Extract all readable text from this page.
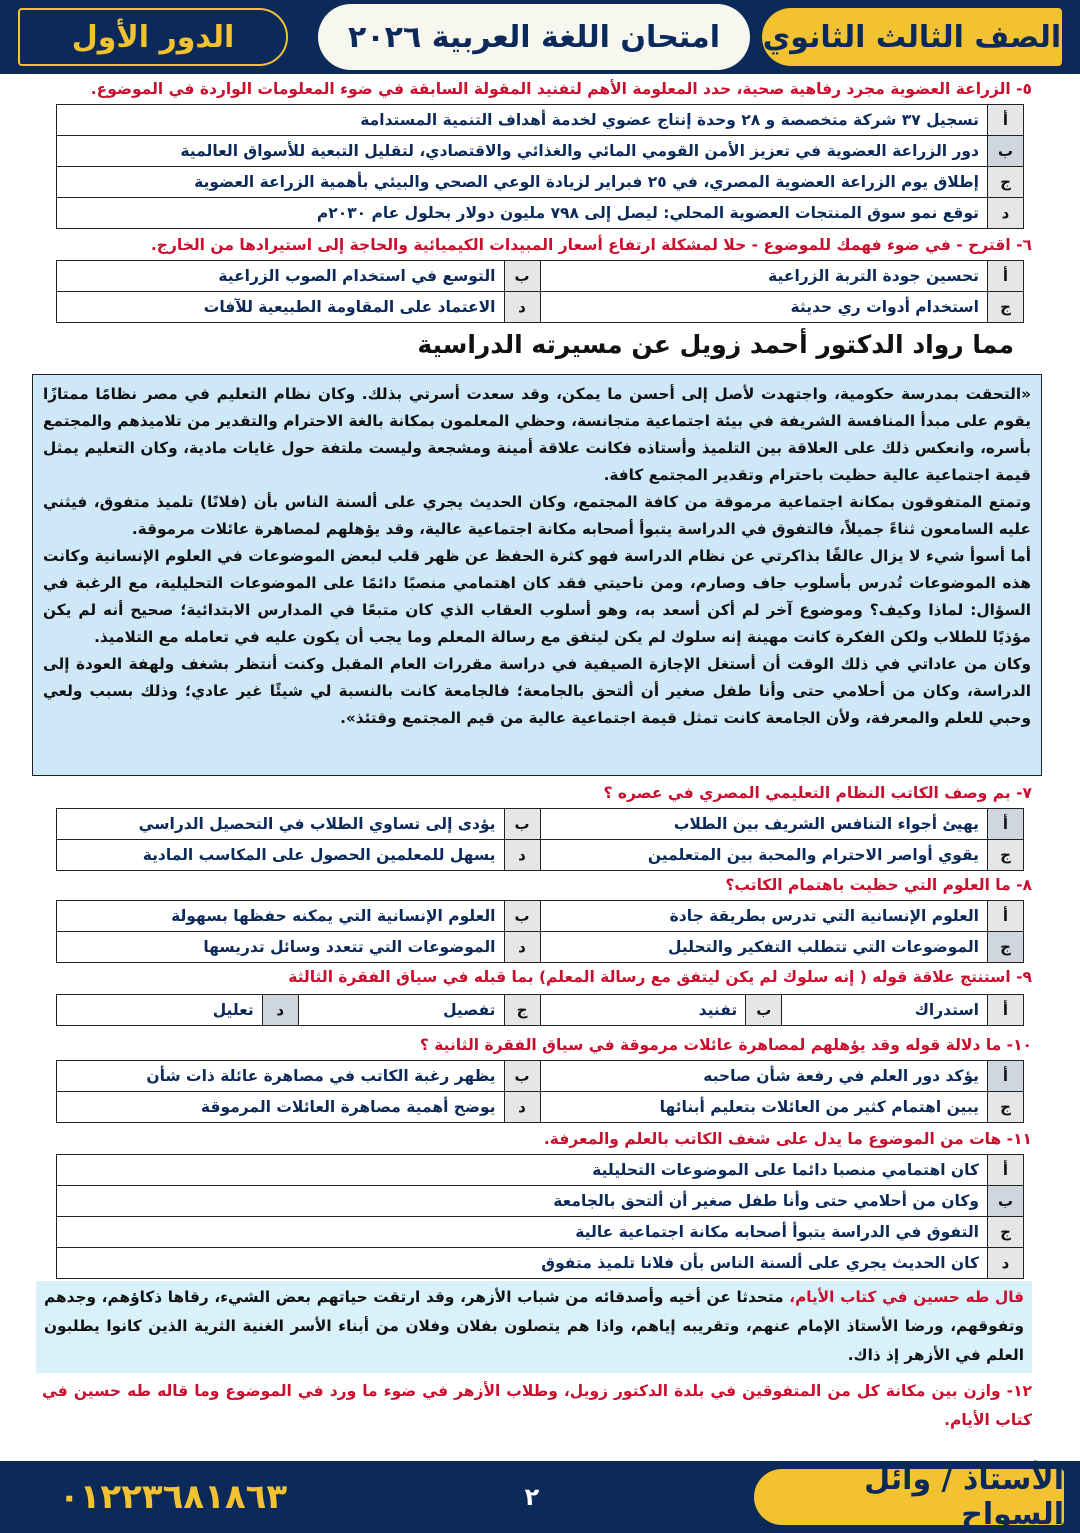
الصف الثالث الثانوي
امتحان اللغة العربية ٢٠٢٦
الدور الأول
٥- الزراعة العضوية مجرد رفاهية صحية، حدد المعلومة الأهم لتفنيد المقولة السابقة في ضوء المعلومات الواردة في الموضوع.
أ	تسجيل ٣٧ شركة متخصصة و ٢٨ وحدة إنتاج عضوي لخدمة أهداف التنمية المستدامة
ب	دور الزراعة العضوية في تعزيز الأمن القومي المائي والغذائي والاقتصادي، لتقليل التبعية للأسواق العالمية
ج	إطلاق يوم الزراعة العضوية المصري، في ٢٥ فبراير لزيادة الوعي الصحي والبيئي بأهمية الزراعة العضوية
د	توقع نمو سوق المنتجات العضوية المحلي: ليصل إلى ٧٩٨ مليون دولار بحلول عام ٢٠٣٠م
٦- اقترح - في ضوء فهمك للموضوع - حلا لمشكلة ارتفاع أسعار المبيدات الكيميائية والحاجة إلى استيرادها من الخارج.
أ	تحسين جودة التربة الزراعية	ب	التوسع في استخدام الصوب الزراعية
ج	استخدام أدوات ري حديثة	د	الاعتماد على المقاومة الطبيعية للآفات
مما رواد الدكتور أحمد زويل عن مسيرته الدراسية

«التحقت بمدرسة حكومية، واجتهدت لأصل إلى أحسن ما يمكن، وقد سعدت أسرتي بذلك. وكان نظام التعليم في مصر نظامًا ممتازًا يقوم على مبدأ المنافسة الشريفة في بيئة اجتماعية متجانسة، وحظي المعلمون بمكانة بالغة الاحترام والتقدير من تلاميذهم والمجتمع بأسره، وانعكس ذلك على العلاقة بين التلميذ وأستاذه فكانت علاقة أمينة ومشجعة وليست ملتفة حول غايات مادية، وكان التعليم يمثل قيمة اجتماعية عالية حظيت باحترام وتقدير المجتمع كافة.

وتمتع المتفوقون بمكانة اجتماعية مرموقة من كافة المجتمع، وكان الحديث يجري على ألسنة الناس بأن (فلانًا) تلميذ متفوق، فيثني عليه السامعون ثناءً جميلاً، فالتفوق في الدراسة يتبوأ أصحابه مكانة اجتماعية عالية، وقد يؤهلهم لمصاهرة عائلات مرموقة.

أما أسوأ شيء لا يزال عالقًا بذاكرتي عن نظام الدراسة فهو كثرة الحفظ عن ظهر قلب لبعض الموضوعات في العلوم الإنسانية وكانت هذه الموضوعات تُدرس بأسلوب جاف وصارم، ومن ناحيتي فقد كان اهتمامي منصبًا دائمًا على الموضوعات التحليلية، مع الرغبة في السؤال: لماذا وكيف؟ وموضوع آخر لم أكن أسعد به، وهو أسلوب العقاب الذي كان متبعًا في المدارس الابتدائية؛ صحيح أنه لم يكن مؤذيًا للطلاب ولكن الفكرة كانت مهينة إنه سلوك لم يكن ليتفق مع رسالة المعلم وما يجب أن يكون عليه في تعامله مع التلاميذ.

وكان من عاداتي في ذلك الوقت أن أستغل الإجازة الصيفية في دراسة مقررات العام المقبل وكنت أنتظر بشغف ولهفة العودة إلى الدراسة، وكان من أحلامي حتى وأنا طفل صغير أن ألتحق بالجامعة؛ فالجامعة كانت بالنسبة لي شيئًا غير عادي؛ وذلك بسبب ولعي وحبي للعلم والمعرفة، ولأن الجامعة كانت تمثل قيمة اجتماعية عالية من قيم المجتمع وقتئذ».

٧- بم وصف الكاتب النظام التعليمي المصري في عصره ؟
أ	يهيئ أجواء التنافس الشريف بين الطلاب	ب	يؤدى إلى تساوي الطلاب في التحصيل الدراسي
ج	يقوي أواصر الاحترام والمحبة بين المتعلمين	د	يسهل للمعلمين الحصول على المكاسب المادية
٨- ما العلوم التي حظيت باهتمام الكاتب؟
أ	العلوم الإنسانية التي تدرس بطريقة جادة	ب	العلوم الإنسانية التي يمكنه حفظها بسهولة
ج	الموضوعات التي تتطلب التفكير والتحليل	د	الموضوعات التي تتعدد وسائل تدريسها
٩- استنتج علاقة قوله ( إنه سلوك لم يكن ليتفق مع رسالة المعلم) بما قبله في سياق الفقرة الثالثة
أ	استدراك	ب	تفنيد	ج	تفصيل	د	تعليل
١٠- ما دلالة قوله وقد يؤهلهم لمصاهرة عائلات مرموقة في سياق الفقرة الثانية ؟
أ	يؤكد دور العلم في رفعة شأن صاحبه	ب	يظهر رغبة الكاتب في مصاهرة عائلة ذات شأن
ج	يبين اهتمام كثير من العائلات بتعليم أبنائها	د	يوضح أهمية مصاهرة العائلات المرموقة
١١- هات من الموضوع ما يدل على شغف الكاتب بالعلم والمعرفة.
أ	كان اهتمامي منصبا دائما على الموضوعات التحليلية
ب	وكان من أحلامي حتى وأنا طفل صغير أن ألتحق بالجامعة
ج	التفوق في الدراسة يتبوأ أصحابه مكانة اجتماعية عالية
د	كان الحديث يجري على ألسنة الناس بأن فلانا تلميذ متفوق

قال طه حسين في كتاب الأيام، متحدثا عن أخيه وأصدقائه من شباب الأزهر، وقد ارتقت حياتهم بعض الشيء، رقاها ذكاؤهم، وجدهم وتفوقهم، ورضا الأستاذ الإمام عنهم، وتقريبه إياهم، واذا هم يتصلون بفلان وفلان من أبناء الأسر الغنية الثرية الذين كانوا يطلبون العلم في الأزهر إذ ذاك.

١٢- وازن بين مكانة كل من المتفوقين في بلدة الدكتور زويل، وطلاب الأزهر في ضوء ما ورد في الموضوع وما قاله طه حسين في كتاب الأيام.
الأستاذ / وائل السواح
٢
٠١٢٢٣٦٨١٨٦٣
